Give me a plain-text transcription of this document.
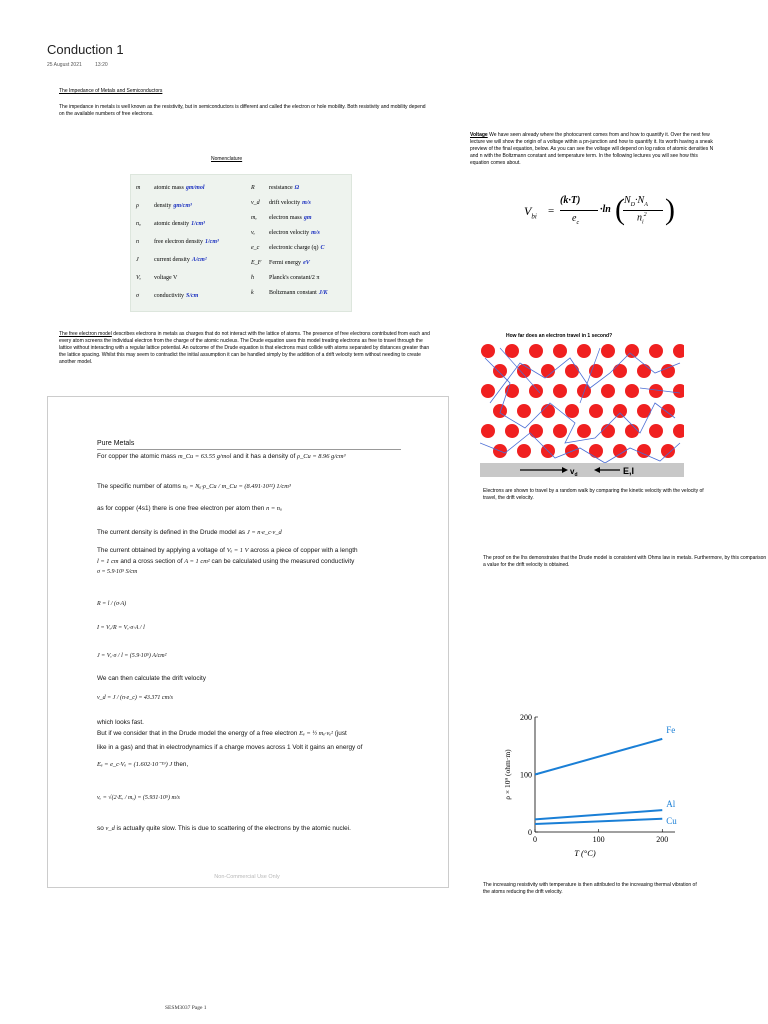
Conduction 1
25 August 2021	13:20
The Impedance of Metals and Semiconductors
The impedance in metals is well known as the resistivity, but in semiconductors is different and called the electron or hole mobility. Both resistivity and mobility depend on the available numbers of free electrons.
Nomenclature
m atomic mass gm/mol
ρ	density gm/cm³
nₐ atomic density 1/cm³
n	free electron density 1/cm³
J	current density A/cm²
Vₑ voltage V
σ	conductivity S/cm
R resistance Ω
v_d drift velocity m/s
mₑ electron mass gm
vₑ electron velocity m/s
e_c electronic charge (q) C
E_F Fermi energy eV
ħ	Planck's constant/2 π
k	Boltzmann constant J/K
Voltage We have seen already where the photocurrent comes from and how to quantify it. Over the next few lecture we will show the origin of a voltage within a pn-junction and how to quantify it. Its worth having a sneak preview of the final equation, below. As you can see the voltage will depend on log ratios of atomic densities N and n with the Boltzmann constant and temperature term. In the following lectures you will see how this equation comes about.
$V_{bi}$ =
(k·T)
$e_c$
·ln ( $N_D\cdot N_A$
$n_i^2$ )
The free electron model describes electrons in metals as charges that do not interact with the lattice of atoms. The presence of free electrons contributed from each and every atom screens the individual electron from the charge of the atomic nucleus. The Drude equation uses this model treating electrons as free to travel through the lattice without interacting with a regular lattice potential. An outcome of the Drude equation is that electrons must collide with atoms separated by distances greater than the lattice spacing. Whilst this may seem to contradict the initial assumption it can be handled simply by the addition of a drift velocity term without needing to create another model.
How far does an electron travel in 1 second?
$v_d$	E,I
Electrons are shown to travel by a random walk by comparing the kinetic velocity with the velocity of travel, the drift velocity.
The proof on the lhs demonstrates that the Drude model is consistent with Ohms law in metals. Furthermore, by this comparison a value for the drift velocity is obtained.
Pure Metals
For copper the atomic mass m_Cu = 63.55 g/mol and it has a density of ρ_Cu = 8.96 g/cm³
The specific number of atoms nₐ = Nₐ·ρ_Cu / m_Cu = (8.491·10²²) 1/cm³
as for copper (4s1) there is one free electron per atom then n = nₐ
The current density is defined in the Drude model as J = n·e_c·v_d
The current obtained by applying a voltage of Vₑ = 1 V across a piece of copper with a length
l = 1 cm and a cross section of A = 1 cm² can be calculated using the measured conductivity
σ = 5.9·10⁵ S/cm
R = l / (σ·A)
I = Vₑ/R = Vₑ·σ·A / l
J = Vₑ·σ / l = (5.9·10⁵) A/cm²
We can then calculate the drift velocity
v_d = J / (n·e_c) = 43.371 cm/s
which looks fast.
But if we consider that in the Drude model the energy of a free electron Eₑ = ½ mₑ·vₑ² (just
like in a gas) and that in electrodynamics if a charge moves across 1 Volt it gains an energy of
Eₑ = e_c·Vₑ = (1.602·10⁻¹⁹) J then,
vₑ = √(2·Eₑ / mₑ) = (5.931·10⁵) m/s
so v_d is actually quite slow. This is due to scattering of the electrons by the atomic nuclei.
Non-Commercial Use Only
0	100	200
0
100
200
T (°C)
ρ × 10⁹ (ohm·m)
Fe
Al
Cu
The increasing resistivity with temperature is then attributed to the increasing thermal vibration of the atoms reducing the drift velocity.
SESM3037 Page 1
